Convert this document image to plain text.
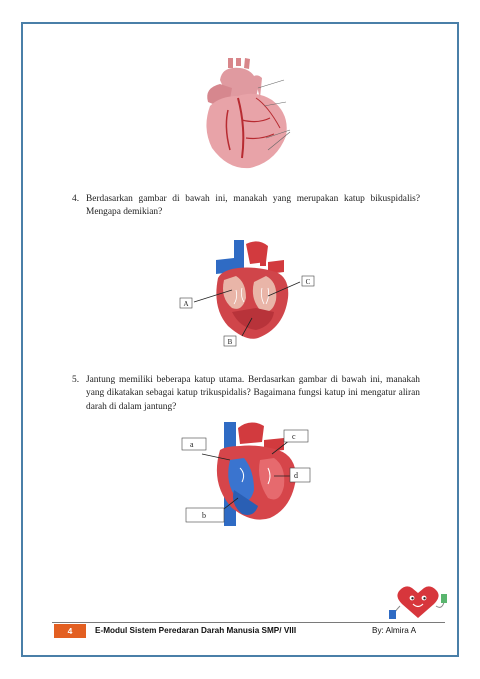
4. Berdasarkan gambar di bawah ini, manakah yang merupakan katup bikuspidalis? Mengapa demikian?
A
C
B
5. Jantung memiliki beberapa katup utama. Berdasarkan gambar di bawah ini, manakah yang dikatakan sebagai katup trikuspidalis? Bagaimana fungsi katup ini mengatur aliran darah di dalam jantung?
a
c
d
b
4	E-Modul Sistem Peredaran Darah Manusia SMP/ VIII	By: Almira A
